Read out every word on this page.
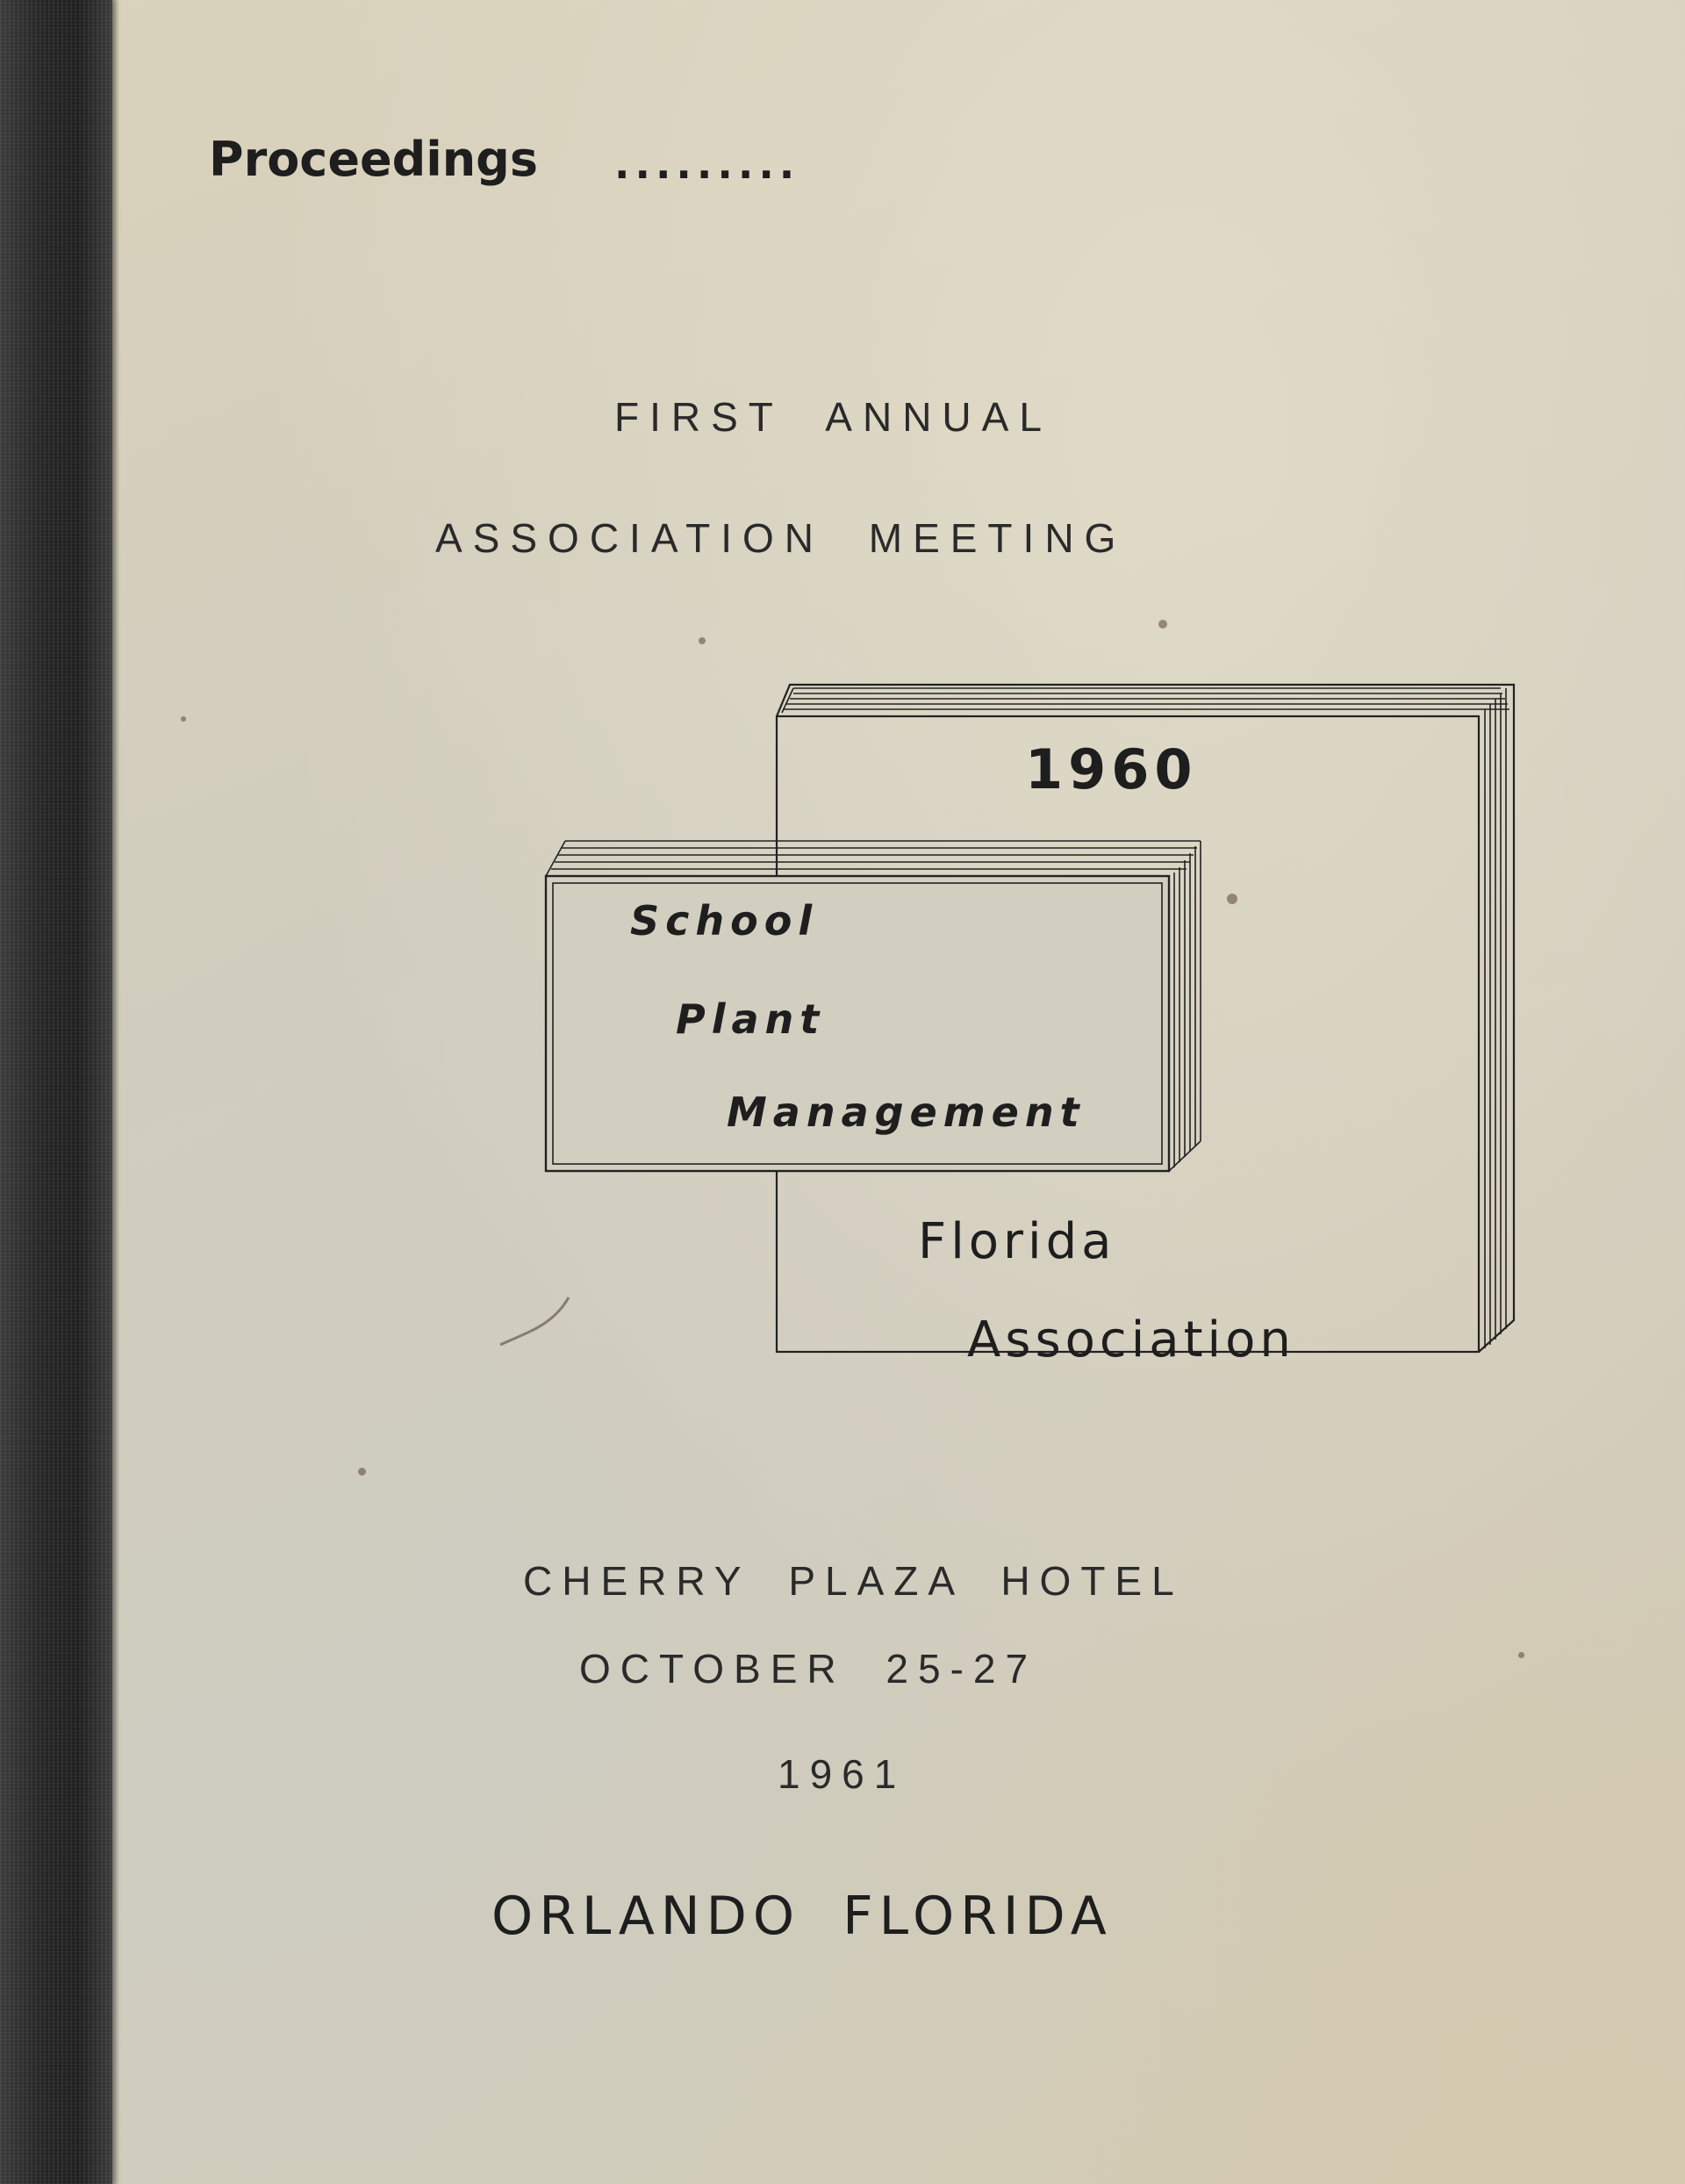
Proceedings .........

FIRST ANNUAL

ASSOCIATION MEETING

1960

School

Plant

Management

Florida

Association

CHERRY PLAZA HOTEL

OCTOBER 25-27

1961

ORLANDO FLORIDA
